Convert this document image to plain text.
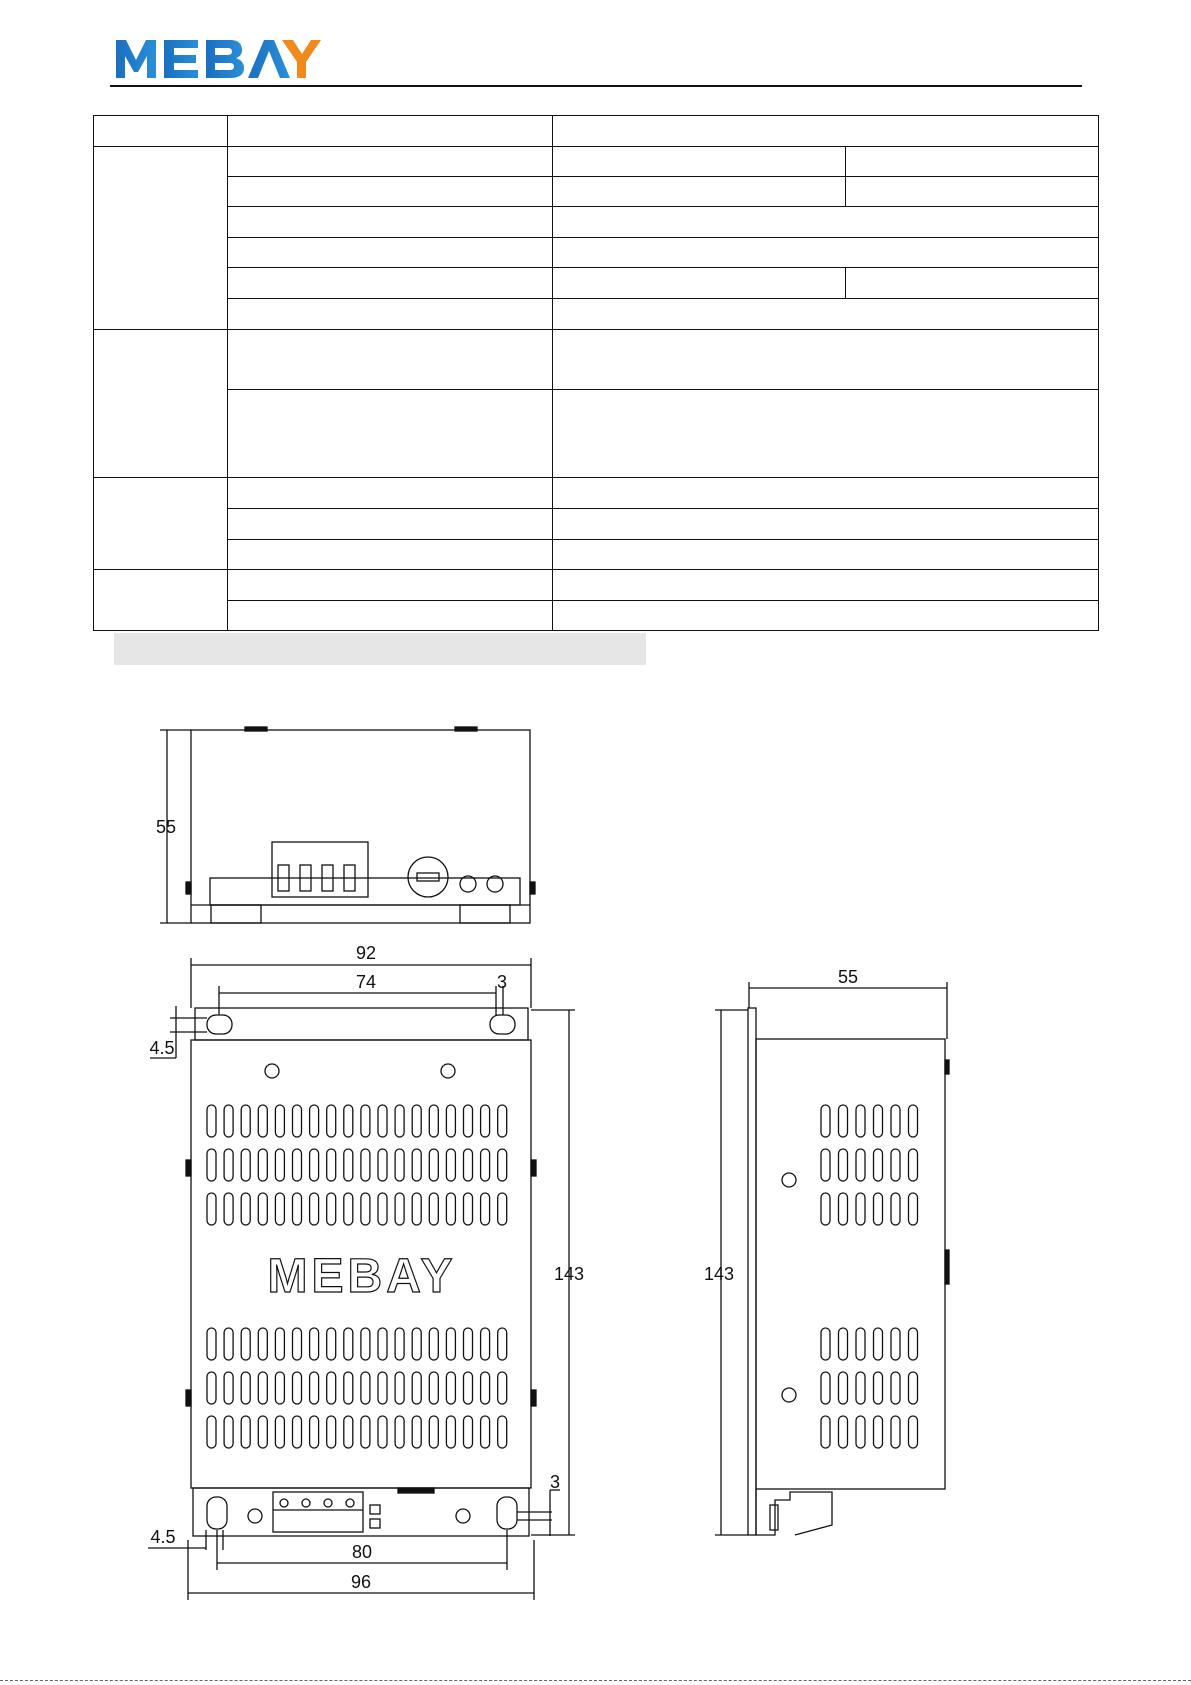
55
MEBAY
92
74	3
4.5
143
3
80
4.5
96
55
143
